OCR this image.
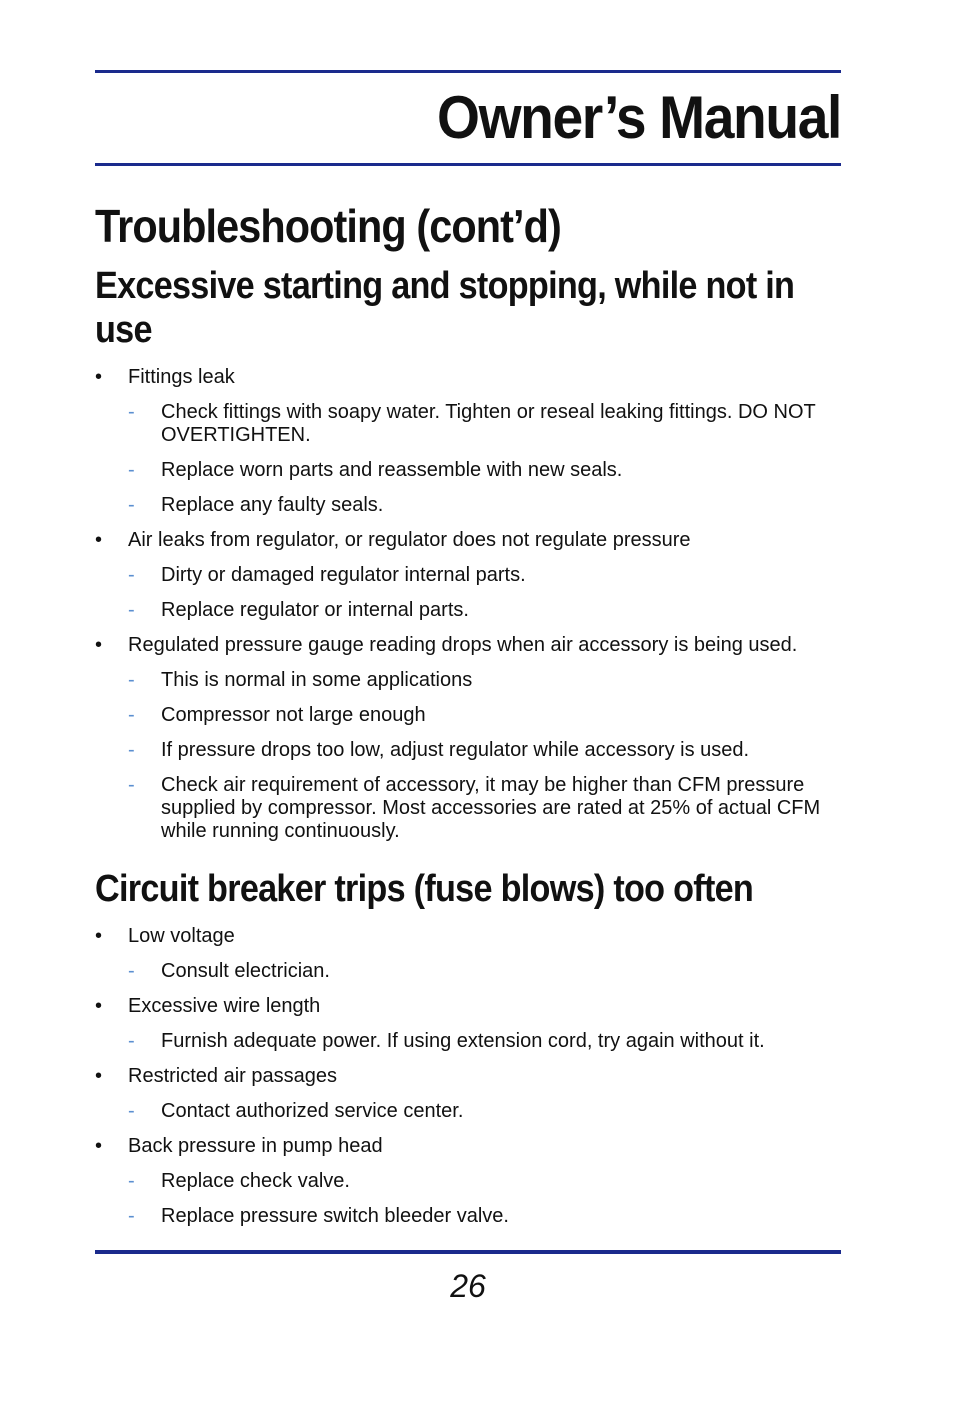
Owner’s Manual
Troubleshooting (cont’d)
Excessive starting and stopping, while not in use
• Fittings leak
- Check fittings with soapy water. Tighten or reseal leaking fittings. DO NOT OVERTIGHTEN.
- Replace worn parts and reassemble with new seals.
- Replace any faulty seals.
• Air leaks from regulator, or regulator does not regulate pressure
- Dirty or damaged regulator internal parts.
- Replace regulator or internal parts.
• Regulated pressure gauge reading drops when air accessory is being used.
- This is normal in some applications
- Compressor not large enough
- If pressure drops too low, adjust regulator while accessory is used.
- Check air requirement of accessory, it may be higher than CFM pressure supplied by compressor. Most accessories are rated at 25% of actual CFM while running continuously.
Circuit breaker trips (fuse blows) too often
• Low voltage
- Consult electrician.
• Excessive wire length
- Furnish adequate power. If using extension cord, try again without it.
• Restricted air passages
- Contact authorized service center.
• Back pressure in pump head
- Replace check valve.
- Replace pressure switch bleeder valve.
26
